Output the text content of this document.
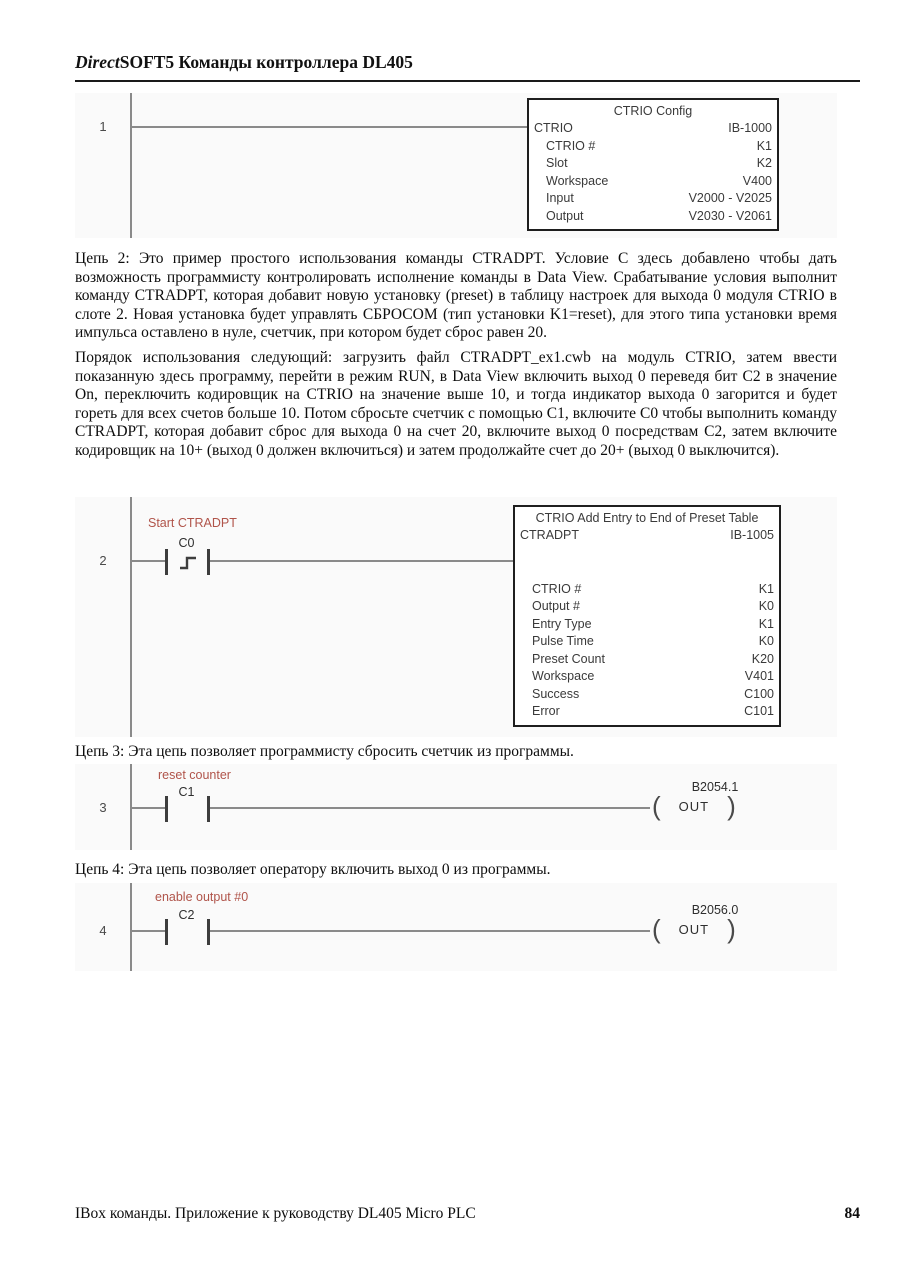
DirectSOFT5 Команды контроллера DL405
1
CTRIO Config
CTRIO	IB-1000
CTRIO #	K1
Slot	K2
Workspace	V400
Input	V2000 - V2025
Output	V2030 - V2061
Цепь 2: Это пример простого использования команды CTRADPT. Условие C здесь добавлено чтобы дать возможность программисту контролировать исполнение команды в Data View. Срабатывание условия выполнит команду CTRADPT, которая добавит новую установку (preset) в таблицу настроек для выхода 0 модуля CTRIO в слоте 2. Новая установка будет управлять СБРОСОМ (тип установки K1=reset), для этого типа установки время импульса оставлено в нуле, счетчик, при котором будет сброс равен 20.
Порядок использования следующий: загрузить файл CTRADPT_ex1.cwb на модуль CTRIO, затем ввести показанную здесь программу, перейти в режим RUN, в Data View включить выход 0 переведя бит C2 в значение On, переключить кодировщик на CTRIO на значение выше 10, и тогда индикатор выхода 0 загорится и будет гореть для всех счетов больше 10. Потом сбросьте счетчик с помощью C1, включите C0 чтобы выполнить команду CTRADPT, которая добавит сброс для выхода 0 на счет 20, включите выход 0 посредствам C2, затем включите кодировщик на 10+ (выход 0 должен включиться) и затем продолжайте счет до 20+ (выход 0 выключится).
2
Start CTRADPT
C0
CTRIO Add Entry to End of Preset Table
CTRADPT	IB-1005
CTRIO #	K1
Output #	K0
Entry Type	K1
Pulse Time	K0
Preset Count	K20
Workspace	V401
Success	C100
Error	C101
Цепь 3: Эта цепь позволяет программисту сбросить счетчик из программы.
3
reset counter
C1	B2054.1
( OUT )
Цепь 4: Эта цепь позволяет оператору включить выход 0 из программы.
4
enable output #0
C2	B2056.0
( OUT )
IBox команды. Приложение к руководству DL405 Micro PLC	84
